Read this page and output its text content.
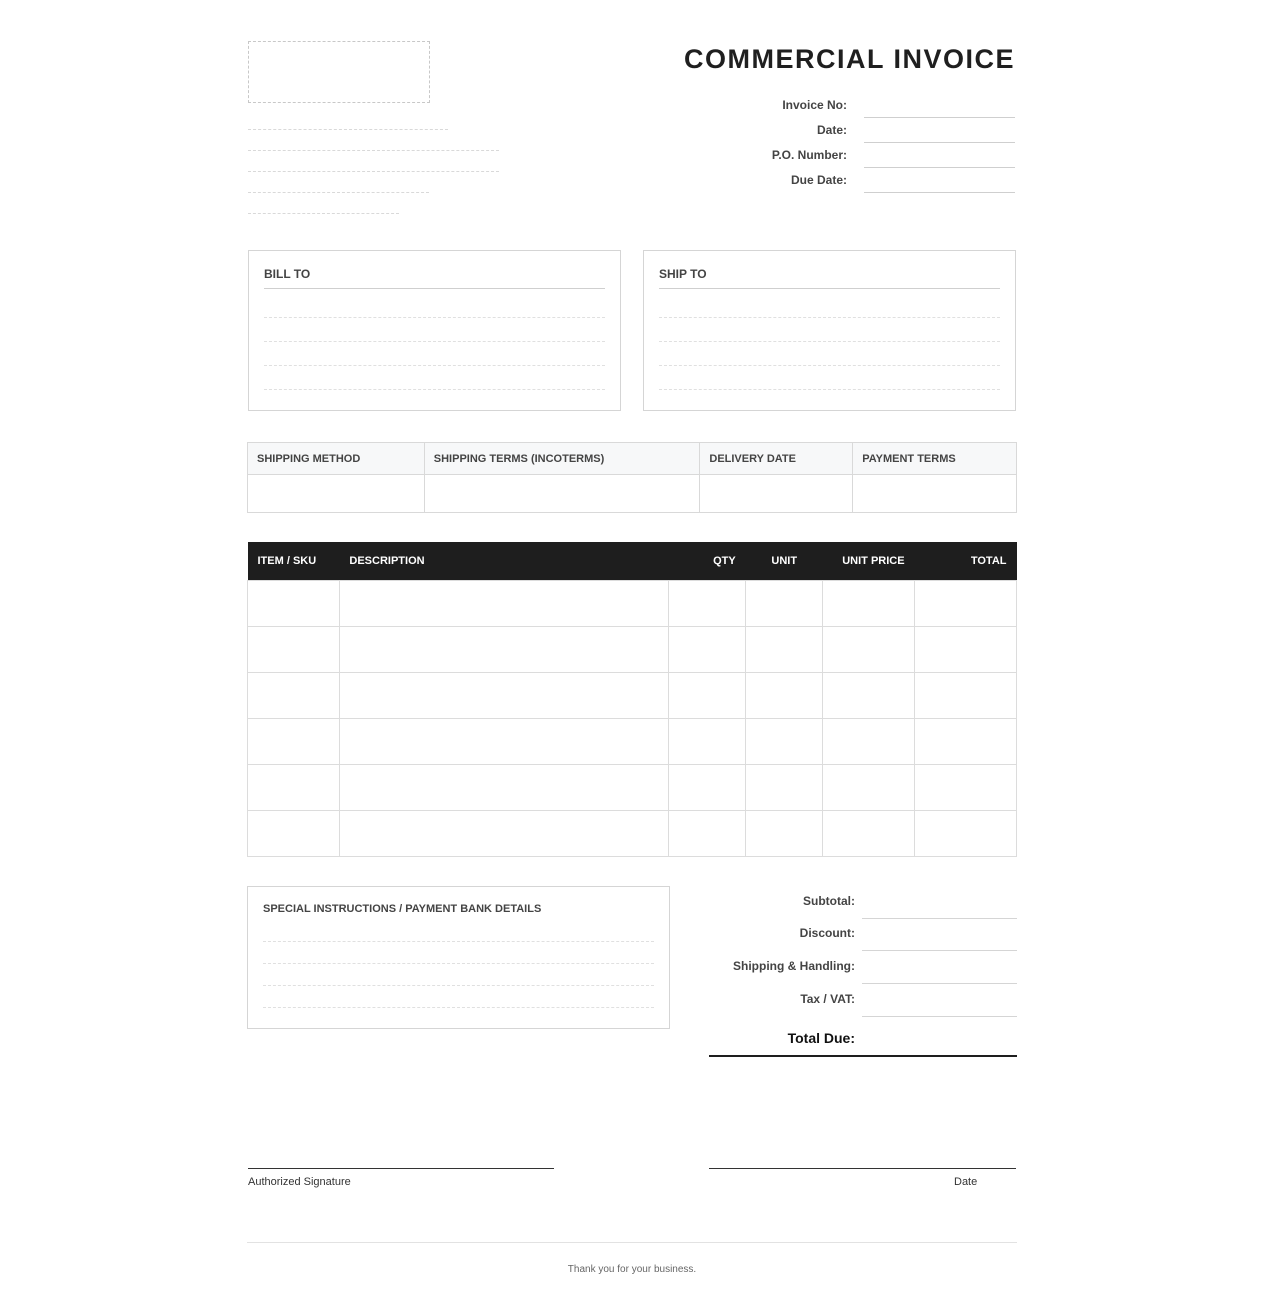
COMMERCIAL INVOICE
Invoice No:
Date:
P.O. Number:
Due Date:
BILL TO	SHIP TO
SHIPPING METHOD	SHIPPING TERMS (INCOTERMS)	DELIVERY DATE	PAYMENT TERMS

ITEM / SKU	DESCRIPTION	QTY	UNIT	UNIT PRICE	TOTAL

SPECIAL INSTRUCTIONS / PAYMENT BANK DETAILS
Subtotal:
Discount:
Shipping & Handling:
Tax / VAT:
Total Due:
Authorized Signature	Date
Thank you for your business.
